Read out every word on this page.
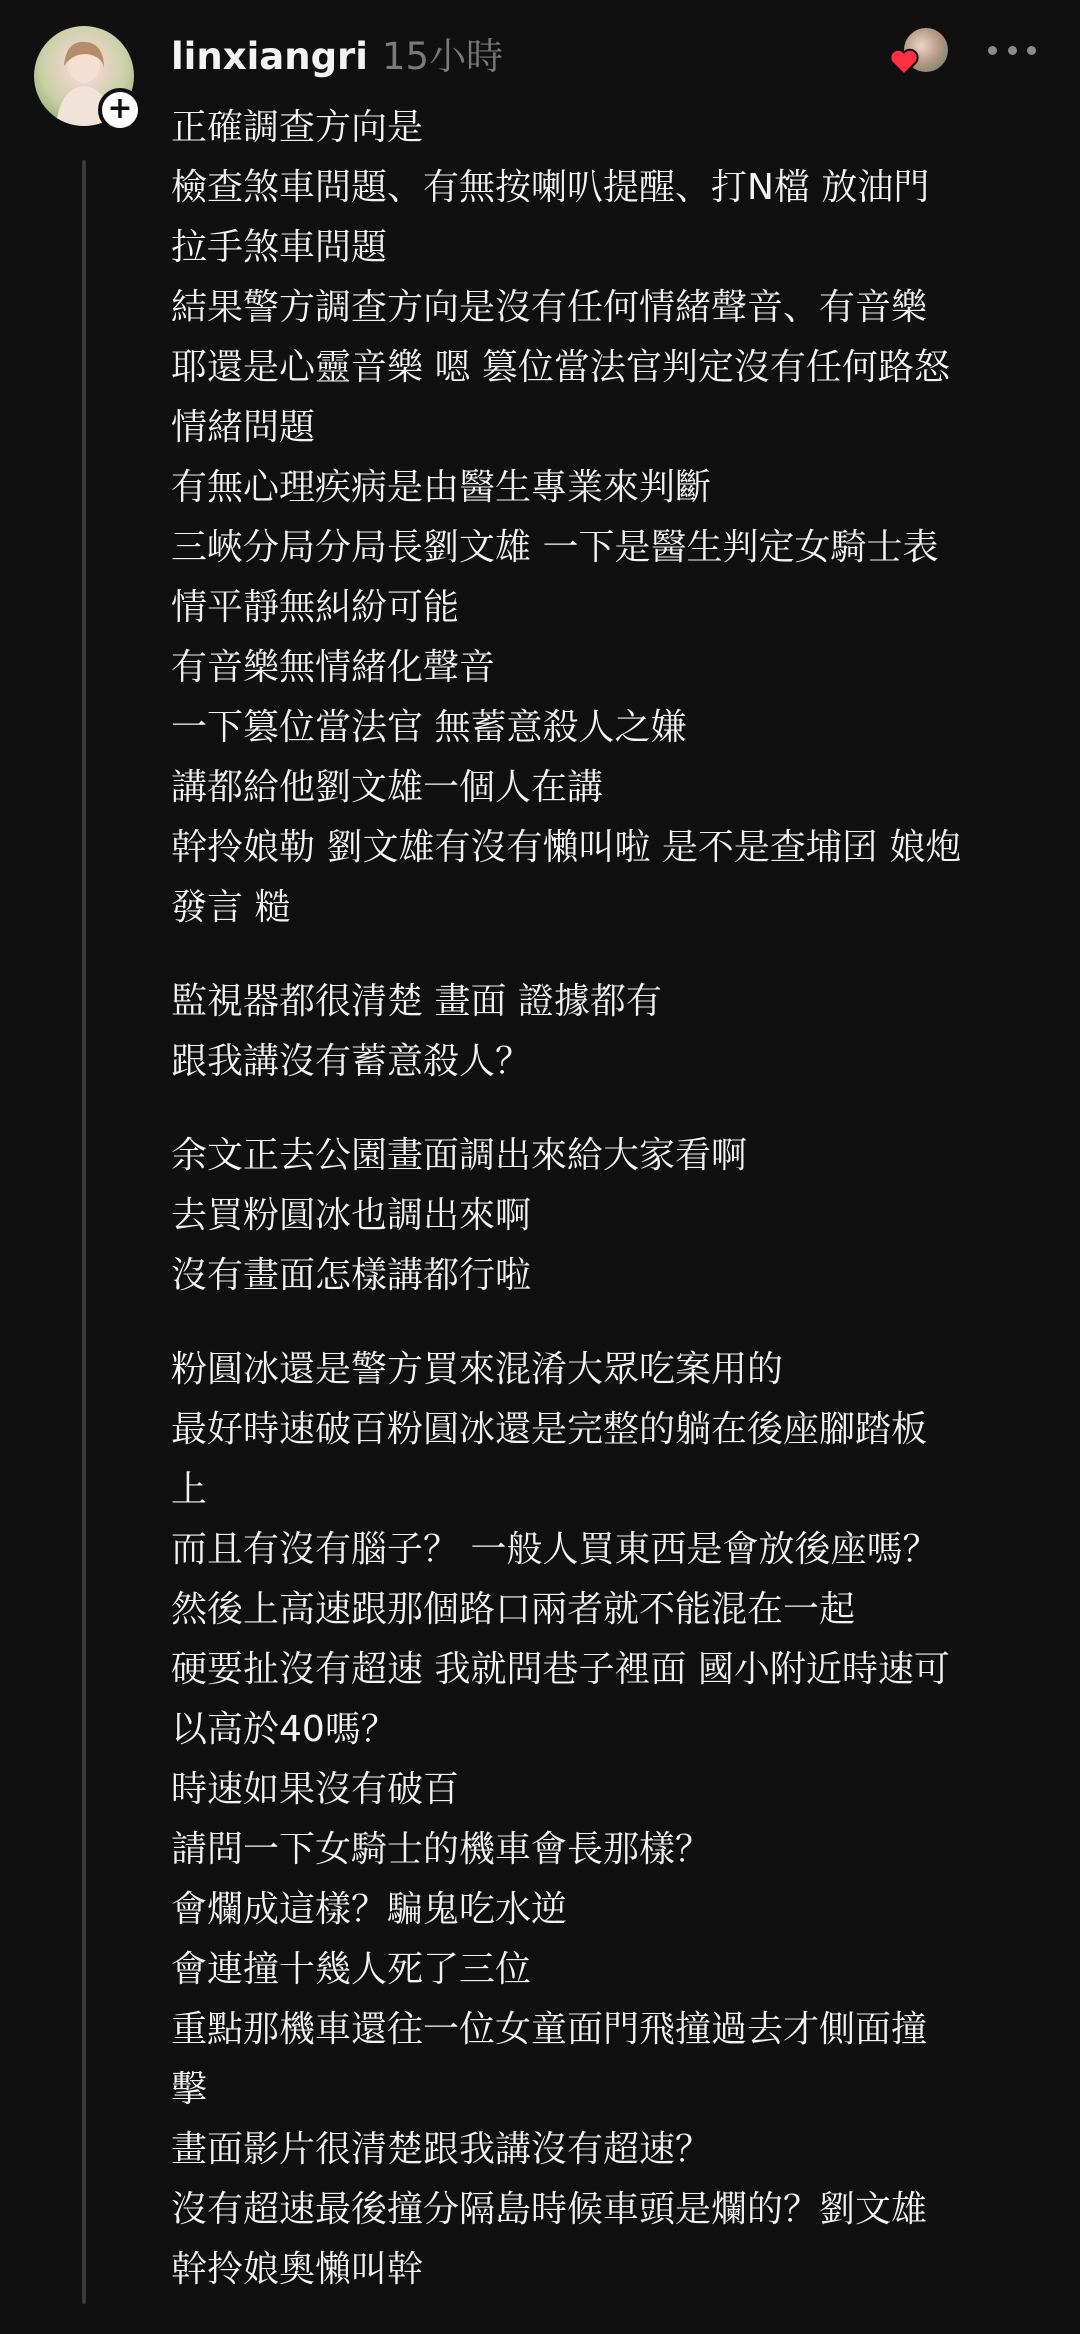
+
linxiangri 15小時
正確調查方向是
檢查煞車問題、有無按喇叭提醒、打N檔 放油門
拉手煞車問題
結果警方調查方向是沒有任何情緒聲音、有音樂
耶還是心靈音樂 嗯 篡位當法官判定沒有任何路怒
情緒問題
有無心理疾病是由醫生專業來判斷
三峽分局分局長劉文雄 一下是醫生判定女騎士表
情平靜無糾紛可能
有音樂無情緒化聲音
一下篡位當法官 無蓄意殺人之嫌
講都給他劉文雄一個人在講
幹拎娘勒 劉文雄有沒有懶叫啦 是不是查埔囝 娘炮
發言 糙
監視器都很清楚 畫面 證據都有
跟我講沒有蓄意殺人？
余文正去公園畫面調出來給大家看啊
去買粉圓冰也調出來啊
沒有畫面怎樣講都行啦
粉圓冰還是警方買來混淆大眾吃案用的
最好時速破百粉圓冰還是完整的躺在後座腳踏板
上
而且有沒有腦子？ 一般人買東西是會放後座嗎？
然後上高速跟那個路口兩者就不能混在一起
硬要扯沒有超速 我就問巷子裡面 國小附近時速可
以高於40嗎？
時速如果沒有破百
請問一下女騎士的機車會長那樣？
會爛成這樣？騙鬼吃水逆
會連撞十幾人死了三位
重點那機車還往一位女童面門飛撞過去才側面撞
擊
畫面影片很清楚跟我講沒有超速？
沒有超速最後撞分隔島時候車頭是爛的？劉文雄
幹拎娘奧懶叫幹
